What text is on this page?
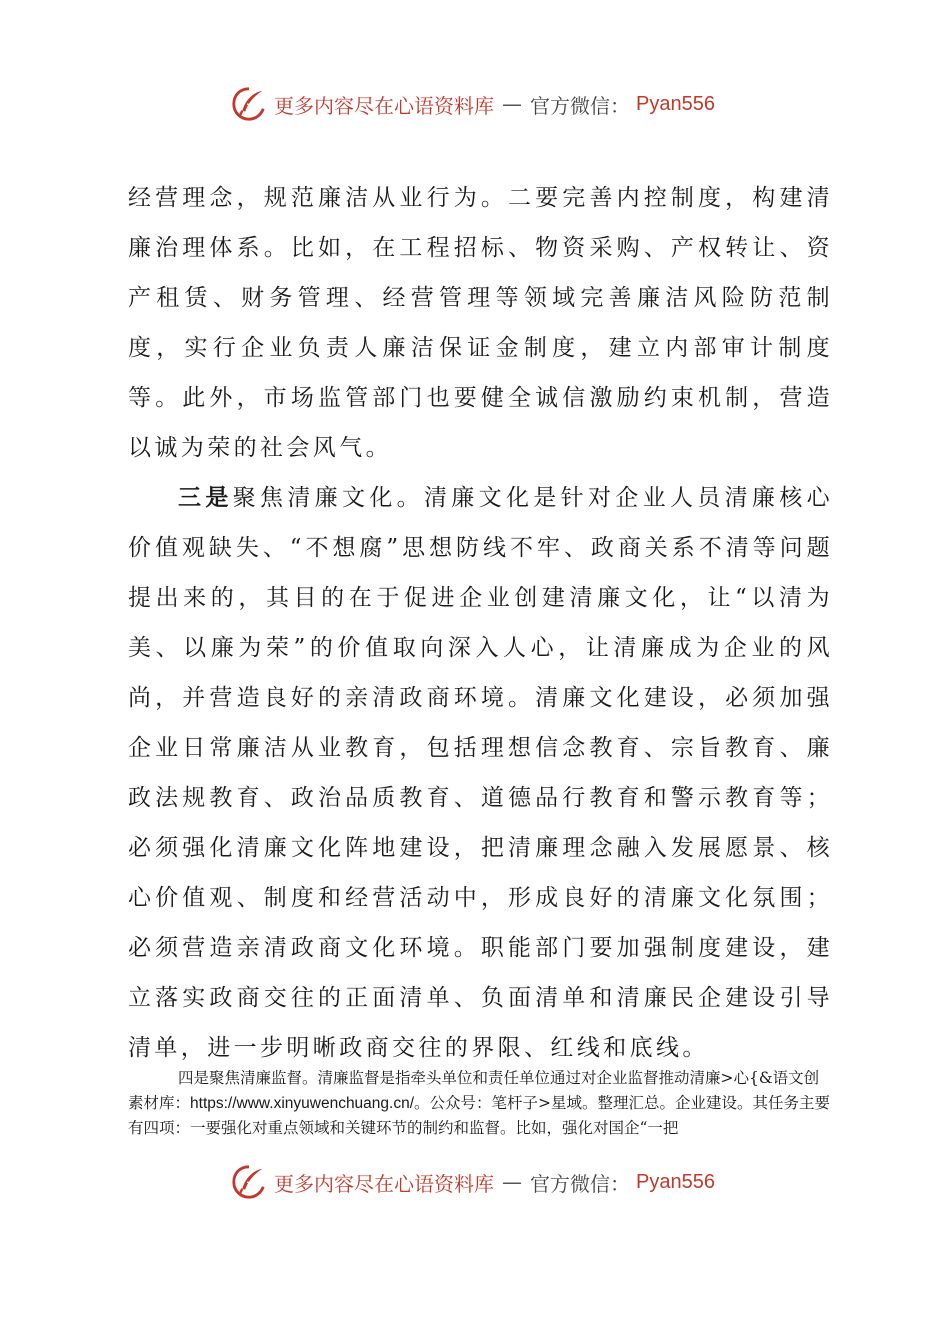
更多内容尽在心语资料库 — 官方微信： Pyan556

经营理念，规范廉洁从业行为。二要完善内控制度，构建清廉治理体系。比如，在工程招标、物资采购、产权转让、资产租赁、财务管理、经营管理等领域完善廉洁风险防范制度，实行企业负责人廉洁保证金制度，建立内部审计制度等。此外，市场监管部门也要健全诚信激励约束机制，营造以诚为荣的社会风气。

三是聚焦清廉文化。清廉文化是针对企业人员清廉核心价值观缺失、“不想腐”思想防线不牢、政商关系不清等问题提出来的，其目的在于促进企业创建清廉文化，让“以清为美、以廉为荣”的价值取向深入人心，让清廉成为企业的风尚，并营造良好的亲清政商环境。清廉文化建设，必须加强企业日常廉洁从业教育，包括理想信念教育、宗旨教育、廉政法规教育、政治品质教育、道德品行教育和警示教育等；必须强化清廉文化阵地建设，把清廉理念融入发展愿景、核心价值观、制度和经营活动中，形成良好的清廉文化氛围；必须营造亲清政商文化环境。职能部门要加强制度建设，建立落实政商交往的正面清单、负面清单和清廉民企建设引导清单，进一步明晰政商交往的界限、红线和底线。

四是聚焦清廉监督。清廉监督是指牵头单位和责任单位通过对企业监督推动清廉>心{&语文创素材库：https://www.xinyuwenchuang.cn/。公众号：笔杆子>星域。整理汇总。企业建设。其任务主要有四项：一要强化对重点领域和关键环节的制约和监督。比如，强化对国企“一把

更多内容尽在心语资料库 — 官方微信： Pyan556
